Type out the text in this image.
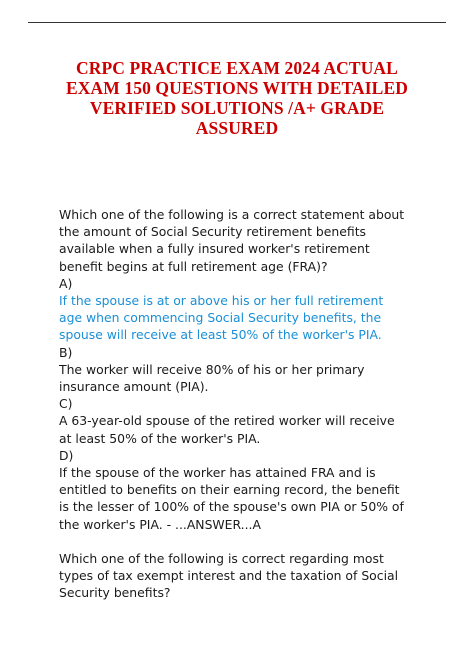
CRPC PRACTICE EXAM 2024 ACTUAL
EXAM 150 QUESTIONS WITH DETAILED
VERIFIED SOLUTIONS /A+ GRADE
ASSURED
Which one of the following is a correct statement about
the amount of Social Security retirement benefits
available when a fully insured worker's retirement
benefit begins at full retirement age (FRA)?
A)
If the spouse is at or above his or her full retirement
age when commencing Social Security benefits, the
spouse will receive at least 50% of the worker's PIA.
B)
The worker will receive 80% of his or her primary
insurance amount (PIA).
C)
A 63-year-old spouse of the retired worker will receive
at least 50% of the worker's PIA.
D)
If the spouse of the worker has attained FRA and is
entitled to benefits on their earning record, the benefit
is the lesser of 100% of the spouse's own PIA or 50% of
the worker's PIA. - ...ANSWER...A
Which one of the following is correct regarding most
types of tax exempt interest and the taxation of Social
Security benefits?
